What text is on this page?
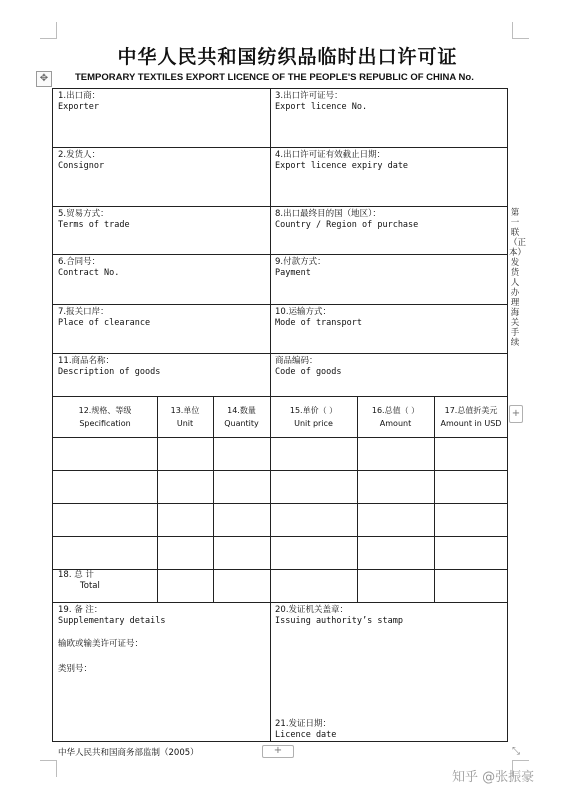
中华人民共和国纺织品临时出口许可证
✥	TEMPORARY TEXTILES EXPORT LICENCE OF THE PEOPLE'S REPUBLIC OF CHINA No.
1.出口商：
Exporter
3.出口许可证号：
Export licence No.
2.发货人：
Consignor
4.出口许可证有效截止日期：
Export licence expiry date
5.贸易方式：
Terms of trade
8.出口最终目的国（地区）：
Country / Region of purchase
6.合同号：
Contract No.
9.付款方式：
Payment
7.报关口岸：
Place of clearance
10.运输方式：
Mode of transport
11.商品名称：
Description of goods
商品编码：
Code of goods
12.规格、等级
Specification
13.单位
Unit
14.数量
Quantity
15.单价（ ）
Unit price
16.总值（ ）
Amount
17.总值折美元
Amount in USD
18. 总 计
Total
19. 备 注：
Supplementary details
输欧或输美许可证号：
类别号：
20.发证机关盖章：
Issuing authority’s stamp
21.发证日期：
Licence date
第一联（正本）发货人办理海关手续
+
+	⤡
中华人民共和国商务部监制（2005）
知乎 @张振豪
